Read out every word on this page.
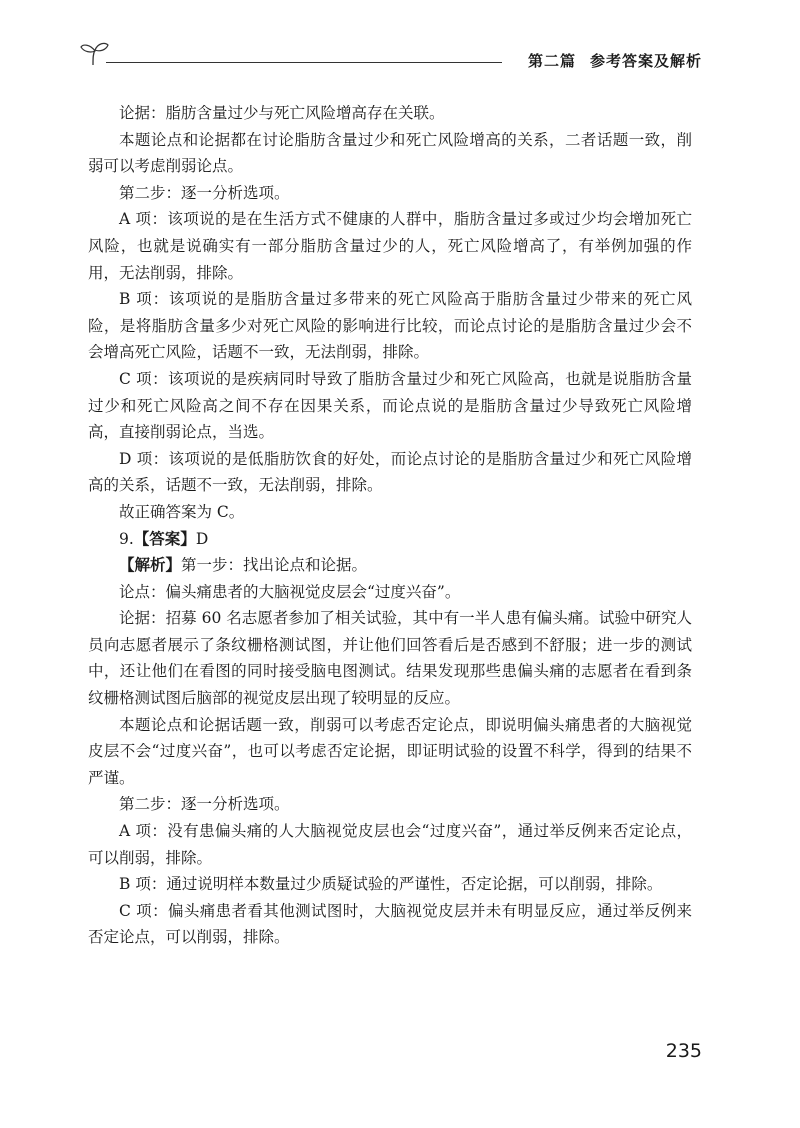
第二篇 参考答案及解析

论据：脂肪含量过少与死亡风险增高存在关联。

本题论点和论据都在讨论脂肪含量过少和死亡风险增高的关系，二者话题一致，削弱可以考虑削弱论点。

第二步：逐一分析选项。

A 项：该项说的是在生活方式不健康的人群中，脂肪含量过多或过少均会增加死亡风险，也就是说确实有一部分脂肪含量过少的人，死亡风险增高了，有举例加强的作用，无法削弱，排除。

B 项：该项说的是脂肪含量过多带来的死亡风险高于脂肪含量过少带来的死亡风险，是将脂肪含量多少对死亡风险的影响进行比较，而论点讨论的是脂肪含量过少会不会增高死亡风险，话题不一致，无法削弱，排除。

C 项：该项说的是疾病同时导致了脂肪含量过少和死亡风险高，也就是说脂肪含量过少和死亡风险高之间不存在因果关系，而论点说的是脂肪含量过少导致死亡风险增高，直接削弱论点，当选。

D 项：该项说的是低脂肪饮食的好处，而论点讨论的是脂肪含量过少和死亡风险增高的关系，话题不一致，无法削弱，排除。

故正确答案为 C。

9.【答案】D

【解析】第一步：找出论点和论据。

论点：偏头痛患者的大脑视觉皮层会“过度兴奋”。

论据：招募 60 名志愿者参加了相关试验，其中有一半人患有偏头痛。试验中研究人员向志愿者展示了条纹栅格测试图，并让他们回答看后是否感到不舒服；进一步的测试中，还让他们在看图的同时接受脑电图测试。结果发现那些患偏头痛的志愿者在看到条纹栅格测试图后脑部的视觉皮层出现了较明显的反应。

本题论点和论据话题一致，削弱可以考虑否定论点，即说明偏头痛患者的大脑视觉皮层不会“过度兴奋”，也可以考虑否定论据，即证明试验的设置不科学，得到的结果不严谨。

第二步：逐一分析选项。

A 项：没有患偏头痛的人大脑视觉皮层也会“过度兴奋”，通过举反例来否定论点，可以削弱，排除。

B 项：通过说明样本数量过少质疑试验的严谨性，否定论据，可以削弱，排除。

C 项：偏头痛患者看其他测试图时，大脑视觉皮层并未有明显反应，通过举反例来否定论点，可以削弱，排除。

235
